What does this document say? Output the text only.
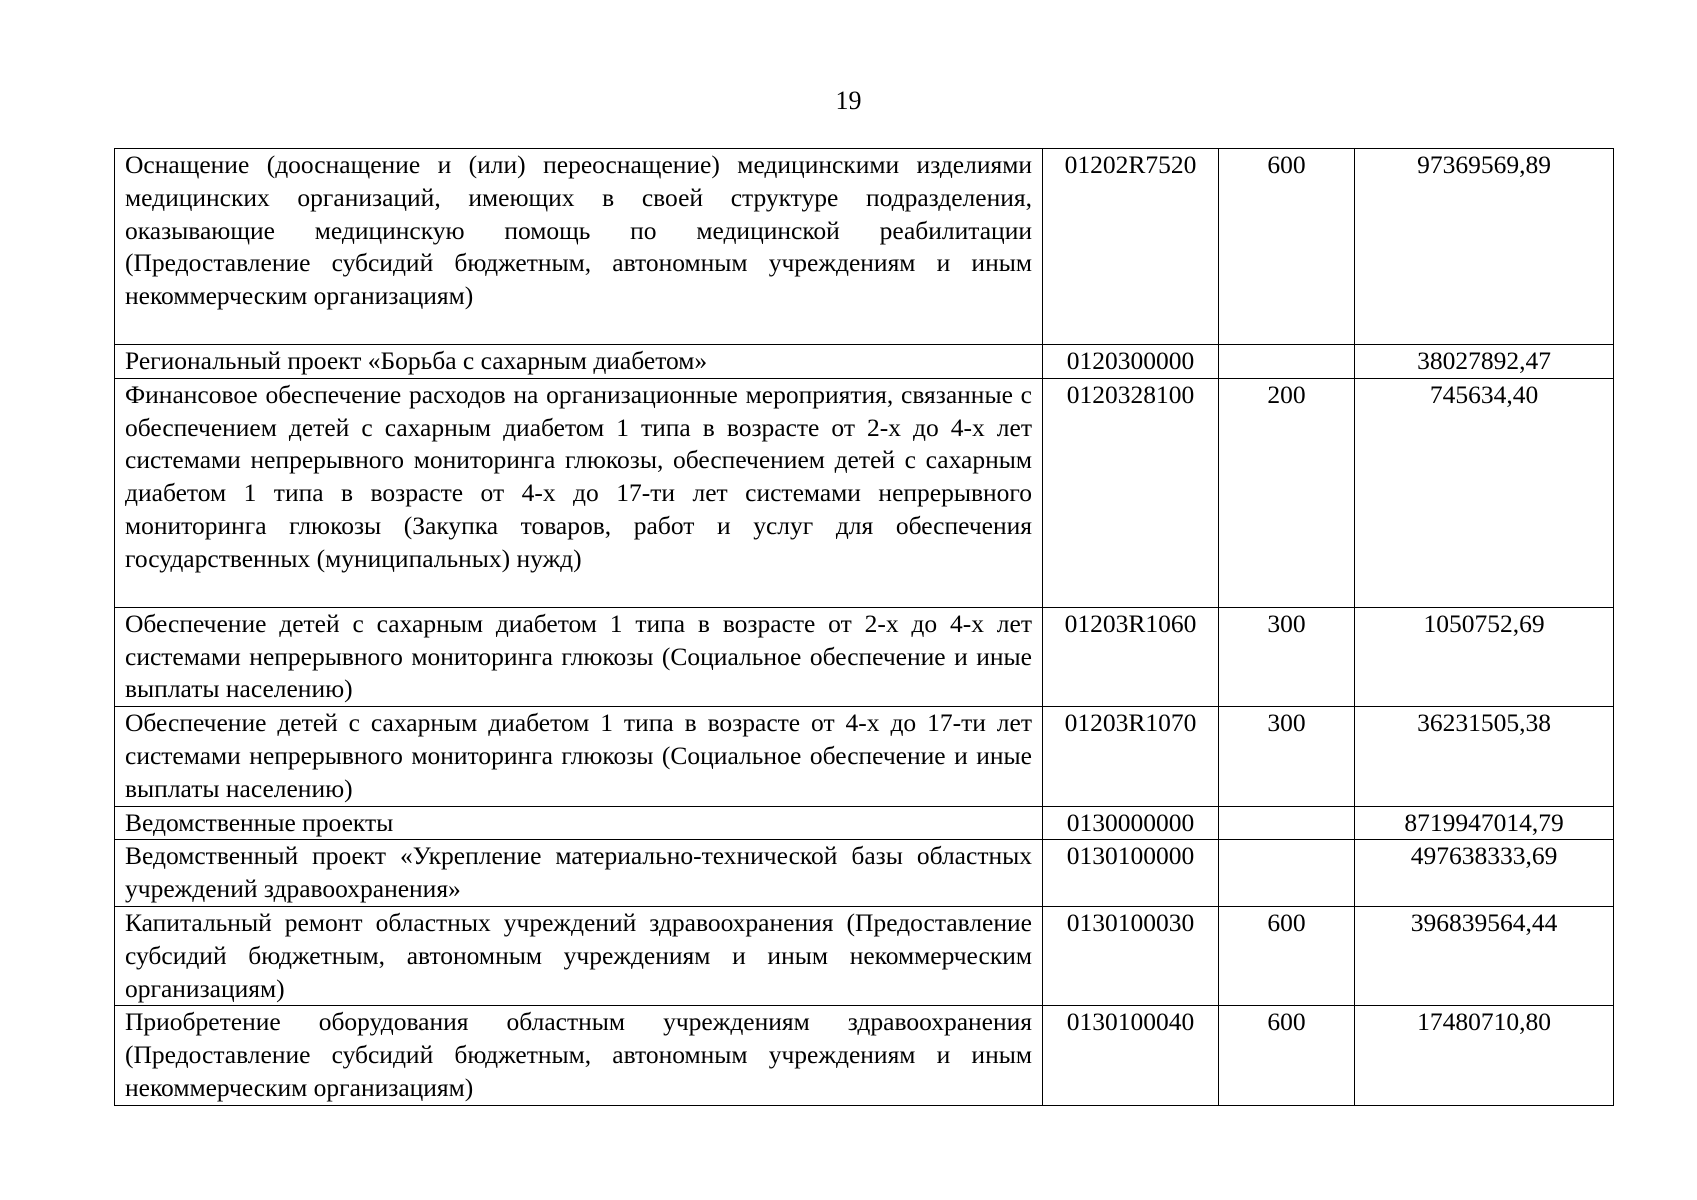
19
Оснащение (дооснащение и (или) переоснащение) медицинскими изделиями медицинских организаций, имеющих в своей структуре подразделения, оказывающие медицинскую помощь по медицинской реабилитации (Предоставление субсидий бюджетным, автономным учреждениям и иным некоммерческим организациям)	01202R7520	600	97369569,89
Региональный проект «Борьба с сахарным диабетом»	0120300000		38027892,47
Финансовое обеспечение расходов на организационные мероприятия, связанные с обеспечением детей с сахарным диабетом 1 типа в возрасте от 2-х до 4-х лет системами непрерывного мониторинга глюкозы, обеспечением детей с сахарным диабетом 1 типа в возрасте от 4-х до 17-ти лет системами непрерывного мониторинга глюкозы (Закупка товаров, работ и услуг для обеспечения государственных (муниципальных) нужд)	0120328100	200	745634,40
Обеспечение детей с сахарным диабетом 1 типа в возрасте от 2-х до 4-х лет системами непрерывного мониторинга глюкозы (Социальное обеспечение и иные выплаты населению)	01203R1060	300	1050752,69
Обеспечение детей с сахарным диабетом 1 типа в возрасте от 4-х до 17-ти лет системами непрерывного мониторинга глюкозы (Социальное обеспечение и иные выплаты населению)	01203R1070	300	36231505,38
Ведомственные проекты	0130000000		8719947014,79
Ведомственный проект «Укрепление материально-технической базы областных учреждений здравоохранения»	0130100000		497638333,69
Капитальный ремонт областных учреждений здравоохранения (Предоставление субсидий бюджетным, автономным учреждениям и иным некоммерческим организациям)	0130100030	600	396839564,44
Приобретение оборудования областным учреждениям здравоохранения (Предоставление субсидий бюджетным, автономным учреждениям и иным некоммерческим организациям)	0130100040	600	17480710,80
